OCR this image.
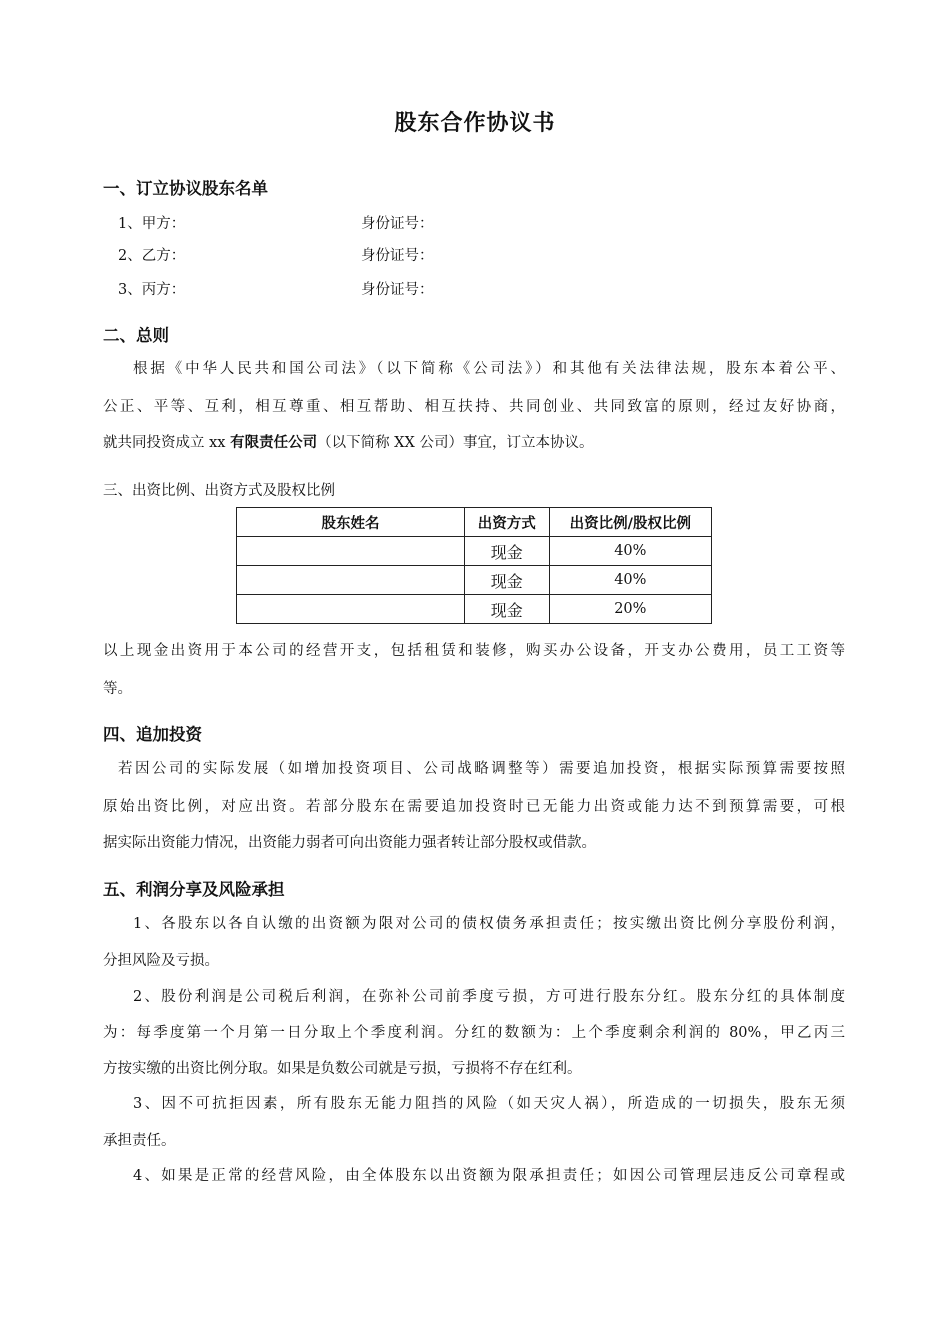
股东合作协议书
一、订立协议股东名单
1、甲方：	身份证号：
2、乙方：	身份证号：
3、丙方：	身份证号：
二、总则
根据《中华人民共和国公司法》（以下简称《公司法》）和其他有关法律法规，股东本着公平、
公正、平等、互利，相互尊重、相互帮助、相互扶持、共同创业、共同致富的原则，经过友好协商，
就共同投资成立 xx 有限责任公司（以下简称 XX 公司）事宜，订立本协议。
三、出资比例、出资方式及股权比例
股东姓名	出资方式	出资比例/股权比例
	现金	40%
	现金	40%
	现金	20%
以上现金出资用于本公司的经营开支，包括租赁和装修，购买办公设备，开支办公费用，员工工资等
等。
四、追加投资
若因公司的实际发展（如增加投资项目、公司战略调整等）需要追加投资，根据实际预算需要按照
原始出资比例，对应出资。若部分股东在需要追加投资时已无能力出资或能力达不到预算需要，可根
据实际出资能力情况，出资能力弱者可向出资能力强者转让部分股权或借款。
五、利润分享及风险承担
1、各股东以各自认缴的出资额为限对公司的债权债务承担责任；按实缴出资比例分享股份利润，
分担风险及亏损。
2、股份利润是公司税后利润，在弥补公司前季度亏损，方可进行股东分红。股东分红的具体制度
为：每季度第一个月第一日分取上个季度利润。分红的数额为：上个季度剩余利润的 80%，甲乙丙三
方按实缴的出资比例分取。如果是负数公司就是亏损，亏损将不存在红利。
3、因不可抗拒因素，所有股东无能力阻挡的风险（如天灾人祸），所造成的一切损失，股东无须
承担责任。
4、如果是正常的经营风险，由全体股东以出资额为限承担责任；如因公司管理层违反公司章程或
